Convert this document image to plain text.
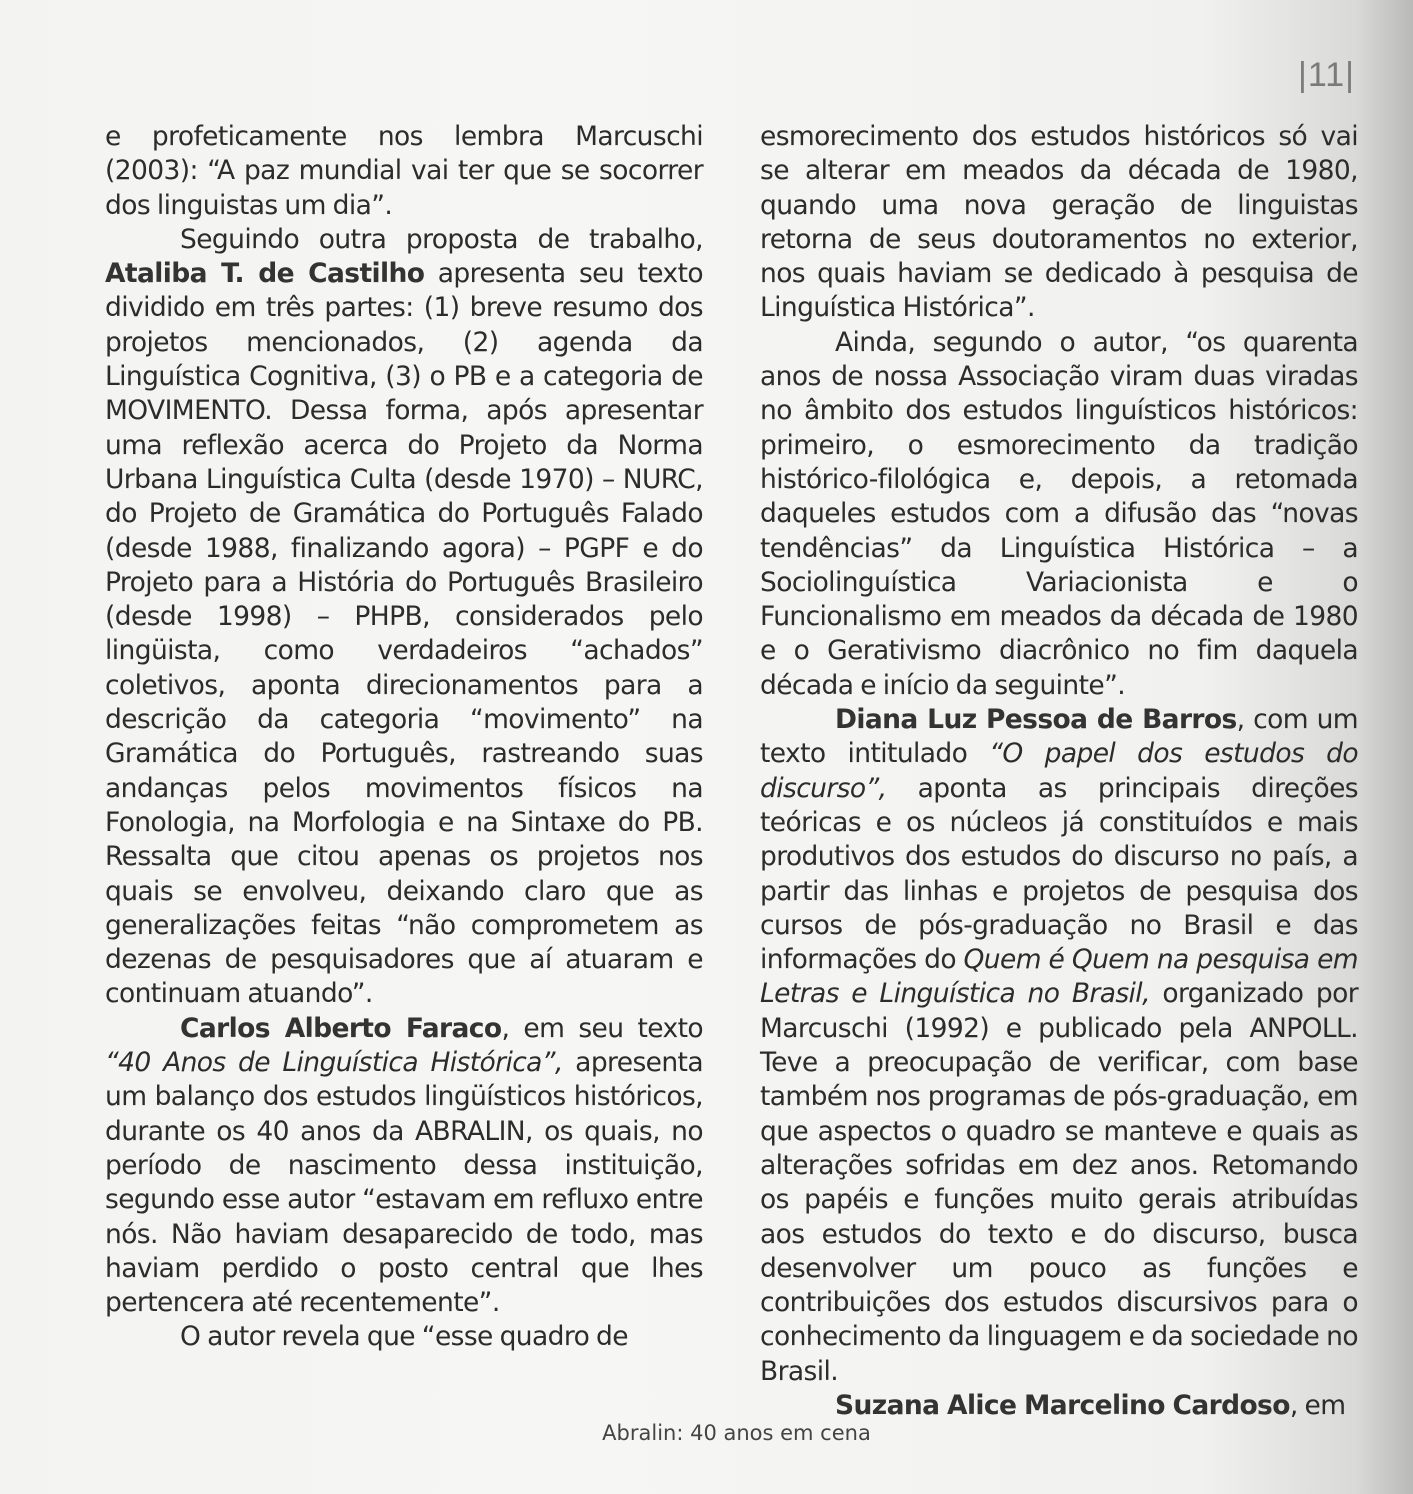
|11|

e profeticamente nos lembra Marcuschi (2003): “A paz mundial vai ter que se socorrer dos linguistas um dia”.

Seguindo outra proposta de trabalho, Ataliba T. de Castilho apresenta seu texto dividido em três partes: (1) breve resumo dos projetos mencionados, (2) agenda da Linguística Cognitiva, (3) o PB e a categoria de MOVIMENTO. Dessa forma, após apresentar uma reflexão acerca do Projeto da Norma Urbana Linguística Culta (desde 1970) – NURC, do Projeto de Gramática do Português Falado (desde 1988, finalizando agora) – PGPF e do Projeto para a História do Português Brasileiro (desde 1998) – PHPB, considerados pelo lingüista, como verdadeiros “achados” coletivos, aponta direcionamentos para a descrição da categoria “movimento” na Gramática do Português, rastreando suas andanças pelos movimentos físicos na Fonologia, na Morfologia e na Sintaxe do PB. Ressalta que citou apenas os projetos nos quais se envolveu, deixando claro que as generalizações feitas “não comprometem as dezenas de pesquisadores que aí atuaram e continuam atuando”.

Carlos Alberto Faraco, em seu texto “40 Anos de Linguística Histórica”, apresenta um balanço dos estudos lingüísticos históricos, durante os 40 anos da ABRALIN, os quais, no período de nascimento dessa instituição, segundo esse autor “estavam em refluxo entre nós. Não haviam desaparecido de todo, mas haviam perdido o posto central que lhes pertencera até recentemente”.

O autor revela que “esse quadro de

esmorecimento dos estudos históricos só vai se alterar em meados da década de 1980, quando uma nova geração de linguistas retorna de seus doutoramentos no exterior, nos quais haviam se dedicado à pesquisa de Linguística Histórica”.

Ainda, segundo o autor, “os quarenta anos de nossa Associação viram duas viradas no âmbito dos estudos linguísticos históricos: primeiro, o esmorecimento da tradição histórico-filológica e, depois, a retomada daqueles estudos com a difusão das “novas tendências” da Linguística Histórica – a Sociolinguística Variacionista e o Funcionalismo em meados da década de 1980 e o Gerativismo diacrônico no fim daquela década e início da seguinte”.

Diana Luz Pessoa de Barros, com um texto intitulado “O papel dos estudos do discurso”, aponta as principais direções teóricas e os núcleos já constituídos e mais produtivos dos estudos do discurso no país, a partir das linhas e projetos de pesquisa dos cursos de pós-graduação no Brasil e das informações do Quem é Quem na pesquisa em Letras e Linguística no Brasil, organizado por Marcuschi (1992) e publicado pela ANPOLL. Teve a preocupação de verificar, com base também nos programas de pós-graduação, em que aspectos o quadro se manteve e quais as alterações sofridas em dez anos. Retomando os papéis e funções muito gerais atribuídas aos estudos do texto e do discurso, busca desenvolver um pouco as funções e contribuições dos estudos discursivos para o conhecimento da linguagem e da sociedade no Brasil.

Suzana Alice Marcelino Cardoso, em

Abralin: 40 anos em cena
